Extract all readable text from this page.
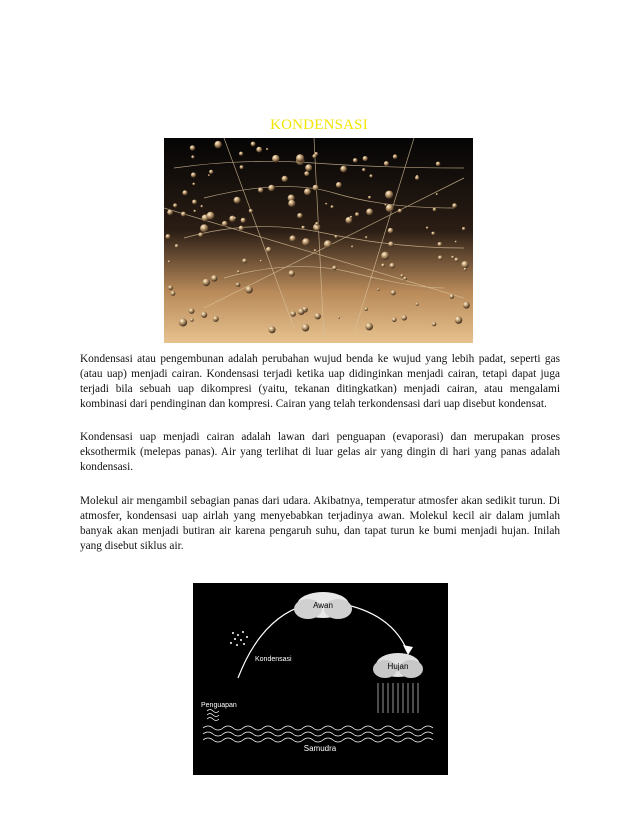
KONDENSASI

Kondensasi atau pengembunan adalah perubahan wujud benda ke wujud yang lebih padat, seperti gas (atau uap) menjadi cairan. Kondensasi terjadi ketika uap didinginkan menjadi cairan, tetapi dapat juga terjadi bila sebuah uap dikompresi (yaitu, tekanan ditingkatkan) menjadi cairan, atau mengalami kombinasi dari pendinginan dan kompresi. Cairan yang telah terkondensasi dari uap disebut kondensat.

Kondensasi uap menjadi cairan adalah lawan dari penguapan (evaporasi) dan merupakan proses eksothermik (melepas panas). Air yang terlihat di luar gelas air yang dingin di hari yang panas adalah kondensasi.

Molekul air mengambil sebagian panas dari udara. Akibatnya, temperatur atmosfer akan sedikit turun. Di atmosfer, kondensasi uap airlah yang menyebabkan terjadinya awan. Molekul kecil air dalam jumlah banyak akan menjadi butiran air karena pengaruh suhu, dan tapat turun ke bumi menjadi hujan. Inilah yang disebut siklus air.

Awan
Kondensasi
Hujan
Penguapan
Samudra
